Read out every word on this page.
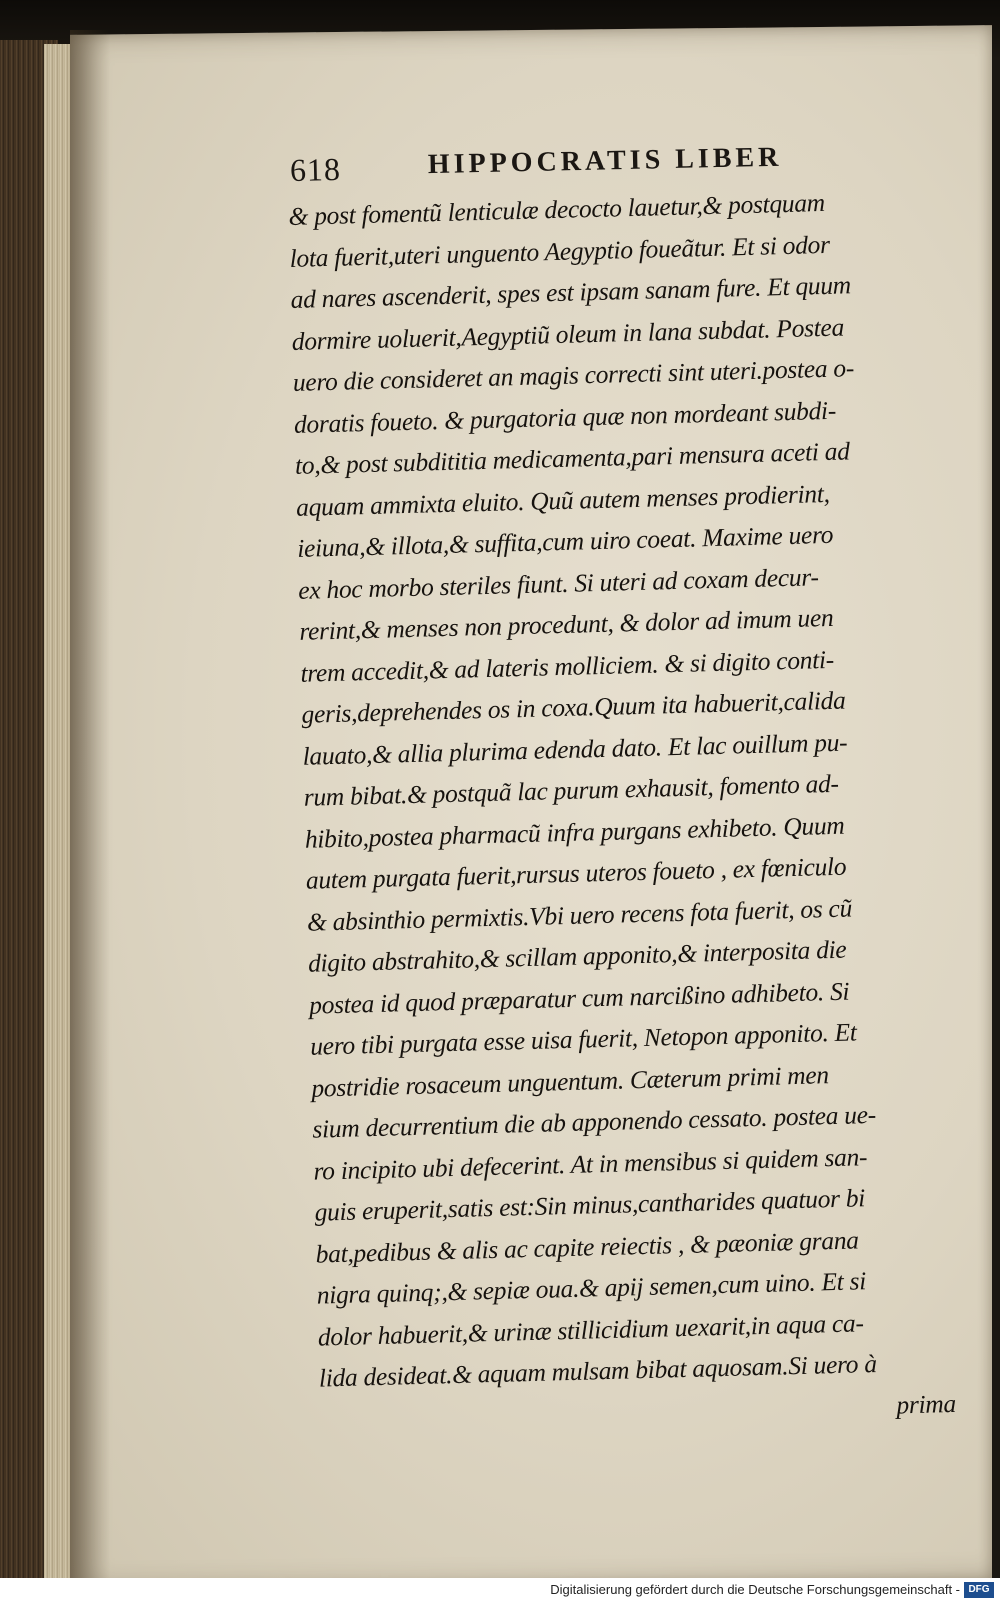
618	HIPPOCRATIS LIBER
& post fomentũ lenticulæ decocto lauetur,& postquam
lota fuerit,uteri unguento Aegyptio foueãtur. Et si odor
ad nares ascenderit, spes est ipsam sanam fure. Et quum
dormire uoluerit,Aegyptiũ oleum in lana subdat. Postea
uero die consideret an magis correcti sint uteri.postea o-
doratis foueto. & purgatoria quæ non mordeant subdi-
to,& post subdititia medicamenta,pari mensura aceti ad
aquam ammixta eluito. Quũ autem menses prodierint,
ieiuna,& illota,& suffita,cum uiro coeat. Maxime uero
ex hoc morbo steriles fiunt. Si uteri ad coxam decur-
rerint,& menses non procedunt, & dolor ad imum uen
trem accedit,& ad lateris molliciem. & si digito conti-
geris,deprehendes os in coxa.Quum ita habuerit,calida
lauato,& allia plurima edenda dato. Et lac ouillum pu-
rum bibat.& postquã lac purum exhausit, fomento ad-
hibito,postea pharmacũ infra purgans exhibeto. Quum
autem purgata fuerit,rursus uteros foueto , ex fœniculo
& absinthio permixtis.Vbi uero recens fota fuerit, os cũ
digito abstrahito,& scillam apponito,& interposita die
postea id quod præparatur cum narcißino adhibeto. Si
uero tibi purgata esse uisa fuerit, Netopon apponito. Et
postridie rosaceum unguentum. Cæterum primi men
sium decurrentium die ab apponendo cessato. postea ue-
ro incipito ubi defecerint. At in mensibus si quidem san-
guis eruperit,satis est:Sin minus,cantharides quatuor bi
bat,pedibus & alis ac capite reiectis , & pæoniæ grana
nigra quinq;,& sepiæ oua.& apij semen,cum uino. Et si
dolor habuerit,& urinæ stillicidium uexarit,in aqua ca-
lida desideat.& aquam mulsam bibat aquosam.Si uero à
prima
Digitalisierung gefördert durch die Deutsche Forschungsgemeinschaft - DFG
